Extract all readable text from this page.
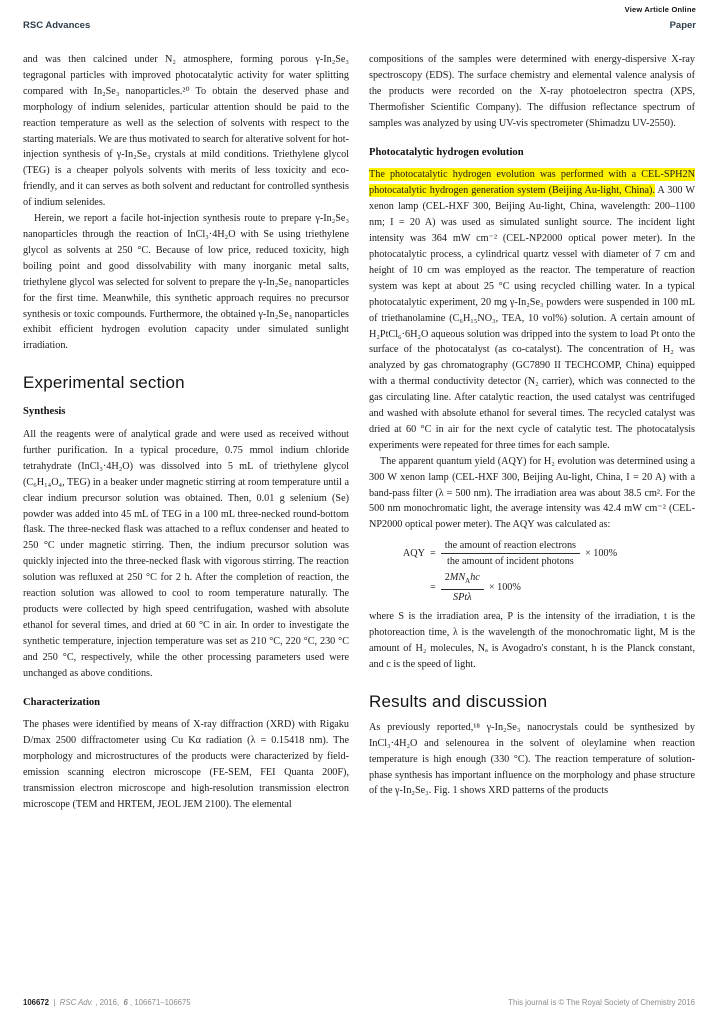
View Article Online
RSC Advances	Paper

and was then calcined under N₂ atmosphere, forming porous γ-In₂Se₃ tegragonal particles with improved photocatalytic activity for water splitting compared with In₂Se₃ nanoparticles.²⁰ To obtain the deserved phase and morphology of indium selenides, particular attention should be paid to the reaction temperature as well as the selection of solvents with respect to the starting materials. We are thus motivated to search for alterative solvent for hot-injection synthesis of γ-In₂Se₃ crystals at mild conditions. Triethylene glycol (TEG) is a cheaper polyols solvents with merits of less toxicity and eco-friendly, and it can serves as both solvent and reductant for controlled synthesis of indium selenides.

Herein, we report a facile hot-injection synthesis route to prepare γ-In₂Se₃ nanoparticles through the reaction of InCl₃·4H₂O with Se using triethylene glycol as solvents at 250 °C. Because of low price, reduced toxicity, high boiling point and good dissolvability with many inorganic metal salts, triethylene glycol was selected for solvent to prepare the γ-In₂Se₃ nanoparticles for the first time. Meanwhile, this synthetic approach requires no precursor synthesis or toxic compounds. Furthermore, the obtained γ-In₂Se₃ nanoparticles exhibit efficient hydrogen evolution capacity under simulated sunlight irradiation.

Experimental section
Synthesis

All the reagents were of analytical grade and were used as received without further purification. In a typical procedure, 0.75 mmol indium chloride tetrahydrate (InCl₃·4H₂O) was dissolved into 5 mL of triethylene glycol (C₆H₁₄O₄, TEG) in a beaker under magnetic stirring at room temperature until a clear indium precursor solution was obtained. Then, 0.01 g selenium (Se) powder was added into 45 mL of TEG in a 100 mL three-necked round-bottom flask. The three-necked flask was attached to a reflux condenser and heated to 250 °C under magnetic stirring. Then, the indium precursor solution was quickly injected into the three-necked flask with vigorous stirring. The reaction solution was refluxed at 250 °C for 2 h. After the completion of reaction, the reaction solution was allowed to cool to room temperature naturally. The products were collected by high speed centrifugation, washed with absolute ethanol for several times, and dried at 60 °C in air. In order to investigate the synthetic temperature, injection temperature was set as 210 °C, 220 °C, 230 °C and 250 °C, respectively, while the other processing parameters used were unchanged as above conditions.

Characterization

The phases were identified by means of X-ray diffraction (XRD) with Rigaku D/max 2500 diffractometer using Cu Kα radiation (λ = 0.15418 nm). The morphology and microstructures of the products were characterized by field-emission scanning electron microscope (FE-SEM, FEI Quanta 200F), transmission electron microscope and high-resolution transmission electron microscope (TEM and HRTEM, JEOL JEM 2100). The elemental

compositions of the samples were determined with energy-dispersive X-ray spectroscopy (EDS). The surface chemistry and elemental valence analysis of the products were recorded on the X-ray photoelectron spectra (XPS, Thermofisher Scientific Company). The diffusion reflectance spectrum of samples was analyzed by using UV-vis spectrometer (Shimadzu UV-2550).

Photocatalytic hydrogen evolution

The photocatalytic hydrogen evolution was performed with a CEL-SPH2N photocatalytic hydrogen generation system (Beijing Au-light, China). A 300 W xenon lamp (CEL-HXF 300, Beijing Au-light, China, wavelength: 200–1100 nm; I = 20 A) was used as simulated sunlight source. The incident light intensity was 364 mW cm⁻² (CEL-NP2000 optical power meter). In the photocatalytic process, a cylindrical quartz vessel with diameter of 7 cm and height of 10 cm was employed as the reactor. The temperature of reaction system was kept at about 25 °C using recycled chilling water. In a typical photocatalytic experiment, 20 mg γ-In₂Se₃ powders were suspended in 100 mL of triethanolamine (C₆H₁₅NO₃, TEA, 10 vol%) solution. A certain amount of H₂PtCl₆·6H₂O aqueous solution was dripped into the system to load Pt onto the surface of the photocatalyst (as co-catalyst). The concentration of H₂ was analyzed by gas chromatography (GC7890 II TECHCOMP, China) equipped with a thermal conductivity detector (N₂ carrier), which was connected to the gas circulating line. After catalytic reaction, the used catalyst was centrifuged and washed with absolute ethanol for several times. The recycled catalyst was dried at 60 °C in air for the next cycle of catalytic test. The photocatalysis experiments were repeated for three times for each sample.

The apparent quantum yield (AQY) for H₂ evolution was determined using a 300 W xenon lamp (CEL-HXF 300, Beijing Au-light, China, I = 20 A) with a band-pass filter (λ = 500 nm). The irradiation area was about 38.5 cm². For the 500 nm monochromatic light, the average intensity was 42.4 mW cm⁻² (CEL-NP2000 optical power meter). The AQY was calculated as:

AQY = $\frac{\text{the amount of reaction electrons}}{\text{the amount of incident photons}} \times 100\%$
= $\frac{2MN_Ahc}{\text{SPtλ}} \times 100\%$

where S is the irradiation area, P is the intensity of the irradiation, t is the photoreaction time, λ is the wavelength of the monochromatic light, M is the amount of H₂ molecules, Nₐ is Avogadro's constant, h is the Planck constant, and c is the speed of light.

Results and discussion

As previously reported,¹⁸ γ-In₂Se₃ nanocrystals could be synthesized by InCl₃·4H₂O and selenourea in the solvent of oleylamine when reaction temperature is high enough (330 °C). The reaction temperature of solution-phase synthesis has important influence on the morphology and phase structure of the γ-In₂Se₃. Fig. 1 shows XRD patterns of the products

106672  |  RSC Adv. , 2016,  6 , 106671–106675	This journal is © The Royal Society of Chemistry 2016
